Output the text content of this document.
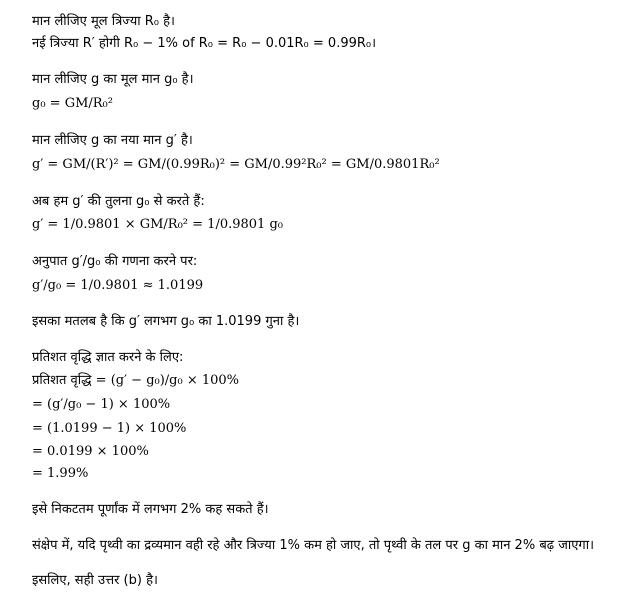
मान लीजिए मूल त्रिज्या R₀ है।
नई त्रिज्या R′ होगी R₀ − 1% of R₀ = R₀ − 0.01R₀ = 0.99R₀।
मान लीजिए g का मूल मान g₀ है।
g₀ = GM/R₀²
मान लीजिए g का नया मान g′ है।
g′ = GM/(R′)² = GM/(0.99R₀)² = GM/0.99²R₀² = GM/0.9801R₀²
अब हम g′ की तुलना g₀ से करते हैं:
g′ = 1/0.9801 × GM/R₀² = 1/0.9801 g₀
अनुपात g′/g₀ की गणना करने पर:
g′/g₀ = 1/0.9801 ≈ 1.0199
इसका मतलब है कि g′ लगभग g₀ का 1.0199 गुना है।
प्रतिशत वृद्धि ज्ञात करने के लिए:
प्रतिशत वृद्धि = (g′ − g₀)/g₀ × 100%
= (g′/g₀ − 1) × 100%
= (1.0199 − 1) × 100%
= 0.0199 × 100%
= 1.99%
इसे निकटतम पूर्णांक में लगभग 2% कह सकते हैं।
संक्षेप में, यदि पृथ्वी का द्रव्यमान वही रहे और त्रिज्या 1% कम हो जाए, तो पृथ्वी के तल पर g का मान 2% बढ़ जाएगा।
इसलिए, सही उत्तर (b) है।
